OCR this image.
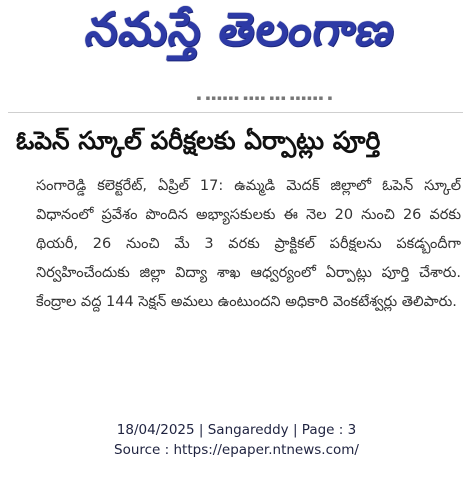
నమస్తే తెలంగాణ
▪ ▪▪▪▪▪▪ ▪▪▪▪ ▪▪▪ ▪▪▪▪▪▪ ▪
ఓపెన్‌ స్కూల్‌ పరీక్షలకు ఏర్పాట్లు పూర్తి

సంగారెడ్డి కలెక్టరేట్‌, ఏప్రిల్‌ 17: ఉమ్మడి మెదక్‌ జిల్లాలో ఓపెన్‌ స్కూల్‌ విధానంలో ప్రవేశం పొందిన అభ్యాసకులకు ఈ నెల 20 నుంచి 26 వరకు థియరీ, 26 నుంచి మే 3 వరకు ప్రాక్టికల్‌ పరీక్షలను పకడ్బందీగా నిర్వహించేందుకు జిల్లా విద్యా శాఖ ఆధ్వర్యంలో ఏర్పాట్లు పూర్తి చేశారు. కేంద్రాల వద్ద 144 సెక్షన్‌ అమలు ఉంటుందని అధికారి వెంకటేశ్వర్లు తెలిపారు.

18/04/2025 | Sangareddy | Page : 3
Source : https://epaper.ntnews.com/
